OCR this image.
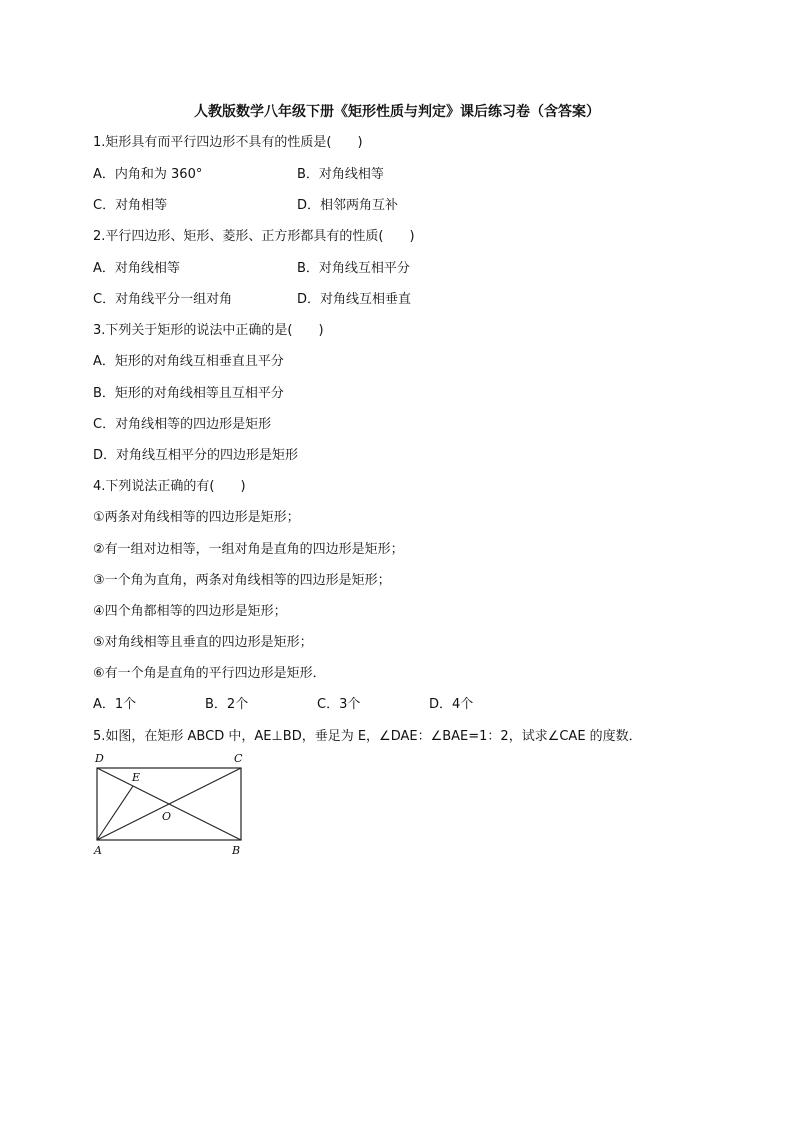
人教版数学八年级下册《矩形性质与判定》课后练习卷（含答案）
1.矩形具有而平行四边形不具有的性质是(　　)
A．内角和为 360°	B．对角线相等
C．对角相等	D．相邻两角互补
2.平行四边形、矩形、菱形、正方形都具有的性质(　　)
A．对角线相等	B．对角线互相平分
C．对角线平分一组对角	D．对角线互相垂直
3.下列关于矩形的说法中正确的是(　　)
A．矩形的对角线互相垂直且平分
B．矩形的对角线相等且互相平分
C．对角线相等的四边形是矩形
D．对角线互相平分的四边形是矩形
4.下列说法正确的有(　　)
①两条对角线相等的四边形是矩形；
②有一组对边相等，一组对角是直角的四边形是矩形；
③一个角为直角，两条对角线相等的四边形是矩形；
④四个角都相等的四边形是矩形；
⑤对角线相等且垂直的四边形是矩形；
⑥有一个角是直角的平行四边形是矩形．
A．1个	B．2个	C．3个	D．4个
5.如图，在矩形 ABCD 中，AE⊥BD，垂足为 E，∠DAE：∠BAE=1：2，试求∠CAE 的度数．
D	C
E
O
A	B
